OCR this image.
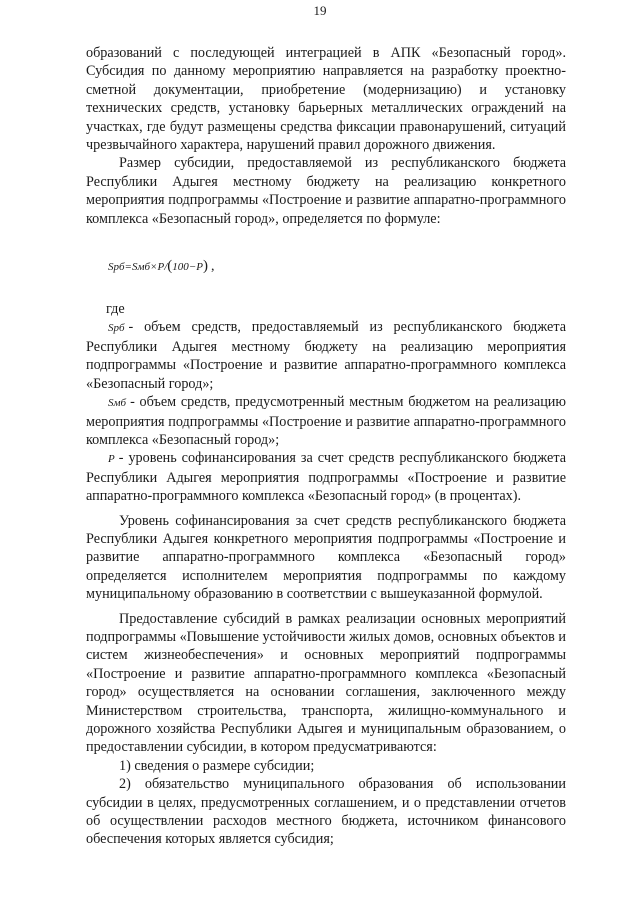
19

образований с последующей интеграцией в АПК «Безопасный город». Субсидия по данному мероприятию направляется на разработку проектно-сметной документации, приобретение (модернизацию) и установку технических средств, установку барьерных металлических ограждений на участках, где будут размещены средства фиксации правонарушений, ситуаций чрезвычайного характера, нарушений правил дорожного движения.

Размер субсидии, предоставляемой из республиканского бюджета Республики Адыгея местному бюджету на реализацию конкретного мероприятия подпрограммы «Построение и развитие аппаратно-программного комплекса «Безопасный город», определяется по формуле:

Spб=Sмб×P/(100−P) ,

где

Spб - объем средств, предоставляемый из республиканского бюджета Республики Адыгея местному бюджету на реализацию мероприятия подпрограммы «Построение и развитие аппаратно-программного комплекса «Безопасный город»;

Sмб - объем средств, предусмотренный местным бюджетом на реализацию мероприятия подпрограммы «Построение и развитие аппаратно-программного комплекса «Безопасный город»;

P - уровень софинансирования за счет средств республиканского бюджета Республики Адыгея мероприятия подпрограммы «Построение и развитие аппаратно-программного комплекса «Безопасный город» (в процентах).

Уровень софинансирования за счет средств республиканского бюджета Республики Адыгея конкретного мероприятия подпрограммы «Построение и развитие аппаратно-программного комплекса «Безопасный город» определяется исполнителем мероприятия подпрограммы по каждому муниципальному образованию в соответствии с вышеуказанной формулой.

Предоставление субсидий в рамках реализации основных мероприятий подпрограммы «Повышение устойчивости жилых домов, основных объектов и систем жизнеобеспечения» и основных мероприятий подпрограммы «Построение и развитие аппаратно-программного комплекса «Безопасный город» осуществляется на основании соглашения, заключенного между Министерством строительства, транспорта, жилищно-коммунального и дорожного хозяйства Республики Адыгея и муниципальным образованием, о предоставлении субсидии, в котором предусматриваются:

1) сведения о размере субсидии;

2) обязательство муниципального образования об использовании субсидии в целях, предусмотренных соглашением, и о представлении отчетов об осуществлении расходов местного бюджета, источником финансового обеспечения которых является субсидия;
